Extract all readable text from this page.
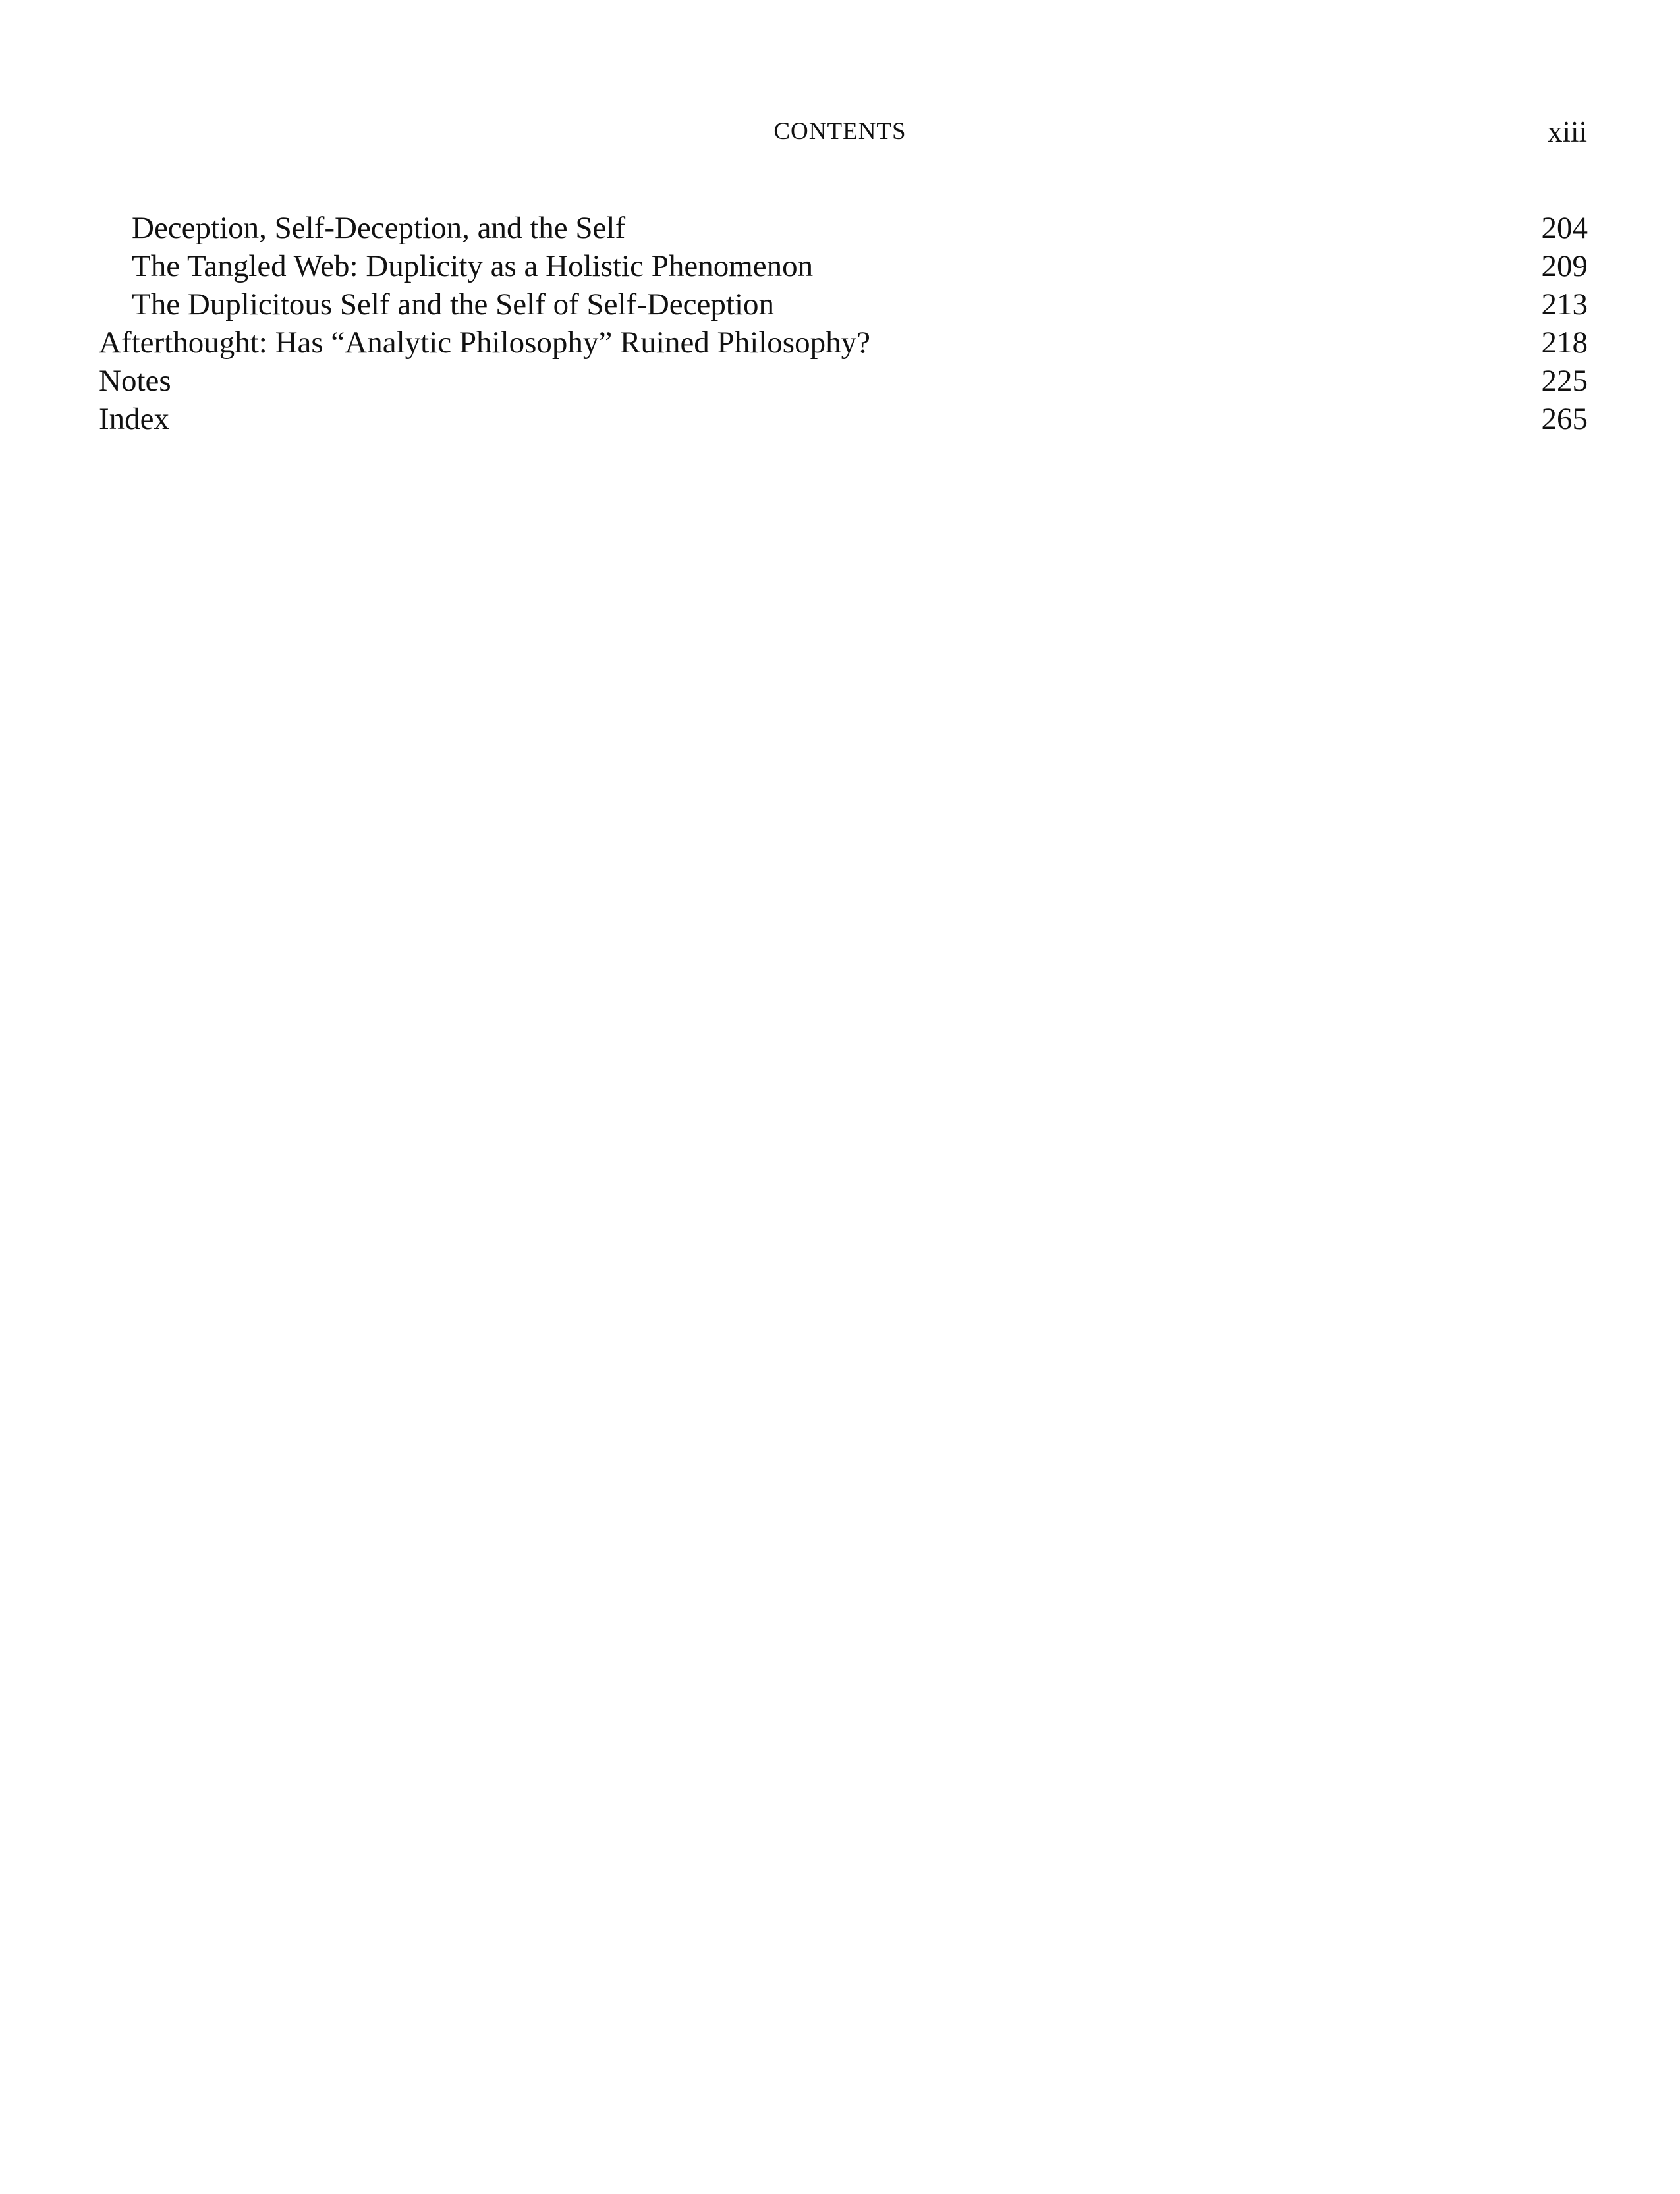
CONTENTS	xiii
Deception, Self-Deception, and the Self	204
The Tangled Web: Duplicity as a Holistic Phenomenon	209
The Duplicitous Self and the Self of Self-Deception	213
Afterthought: Has “Analytic Philosophy” Ruined Philosophy?	218
Notes	225
Index	265
